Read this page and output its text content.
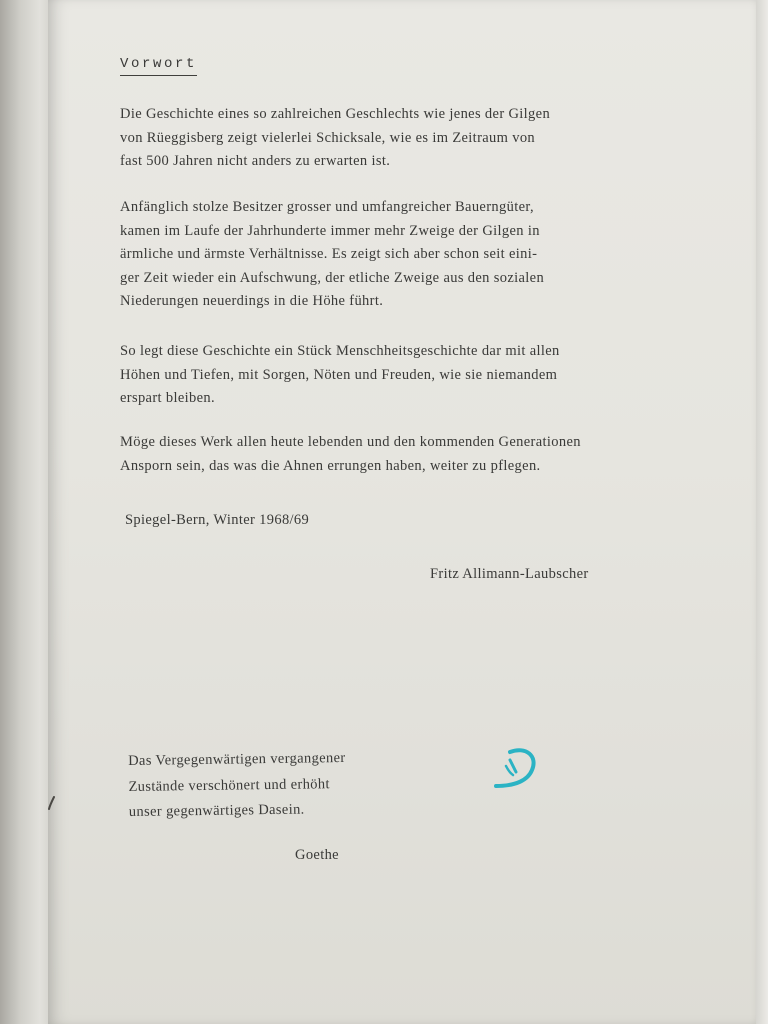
Vorwort
Die Geschichte eines so zahlreichen Geschlechts wie jenes der Gilgen
von Rüeggisberg zeigt vielerlei Schicksale, wie es im Zeitraum von
fast 500 Jahren nicht anders zu erwarten ist.
Anfänglich stolze Besitzer grosser und umfangreicher Bauerngüter,
kamen im Laufe der Jahrhunderte immer mehr Zweige der Gilgen in
ärmliche und ärmste Verhältnisse. Es zeigt sich aber schon seit eini-
ger Zeit wieder ein Aufschwung, der etliche Zweige aus den sozialen
Niederungen neuerdings in die Höhe führt.
So legt diese Geschichte ein Stück Menschheitsgeschichte dar mit allen
Höhen und Tiefen, mit Sorgen, Nöten und Freuden, wie sie niemandem
erspart bleiben.
Möge dieses Werk allen heute lebenden und den kommenden Generationen
Ansporn sein, das was die Ahnen errungen haben, weiter zu pflegen.
Spiegel-Bern, Winter 1968/69
Fritz Allimann-Laubscher
Das Vergegenwärtigen vergangener
Zustände verschönert und erhöht
unser gegenwärtiges Dasein.
Goethe
